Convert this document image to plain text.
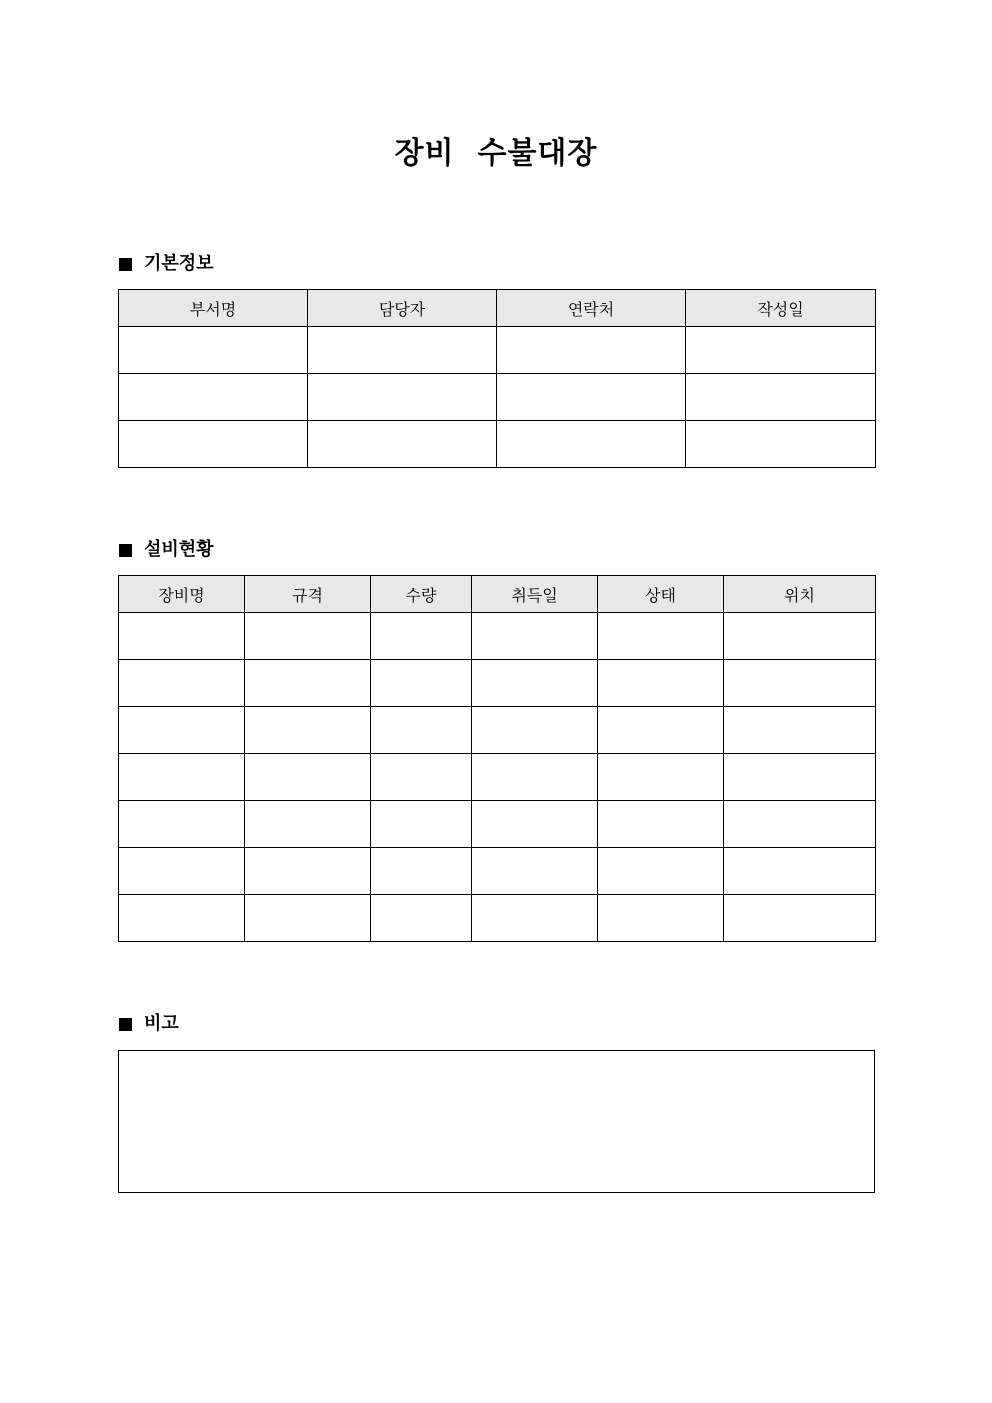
장비  수불대장
기본정보
부서명	담당자	연락처	작성일

설비현황
장비명	규격	수량	취득일	상태	위치

비고
